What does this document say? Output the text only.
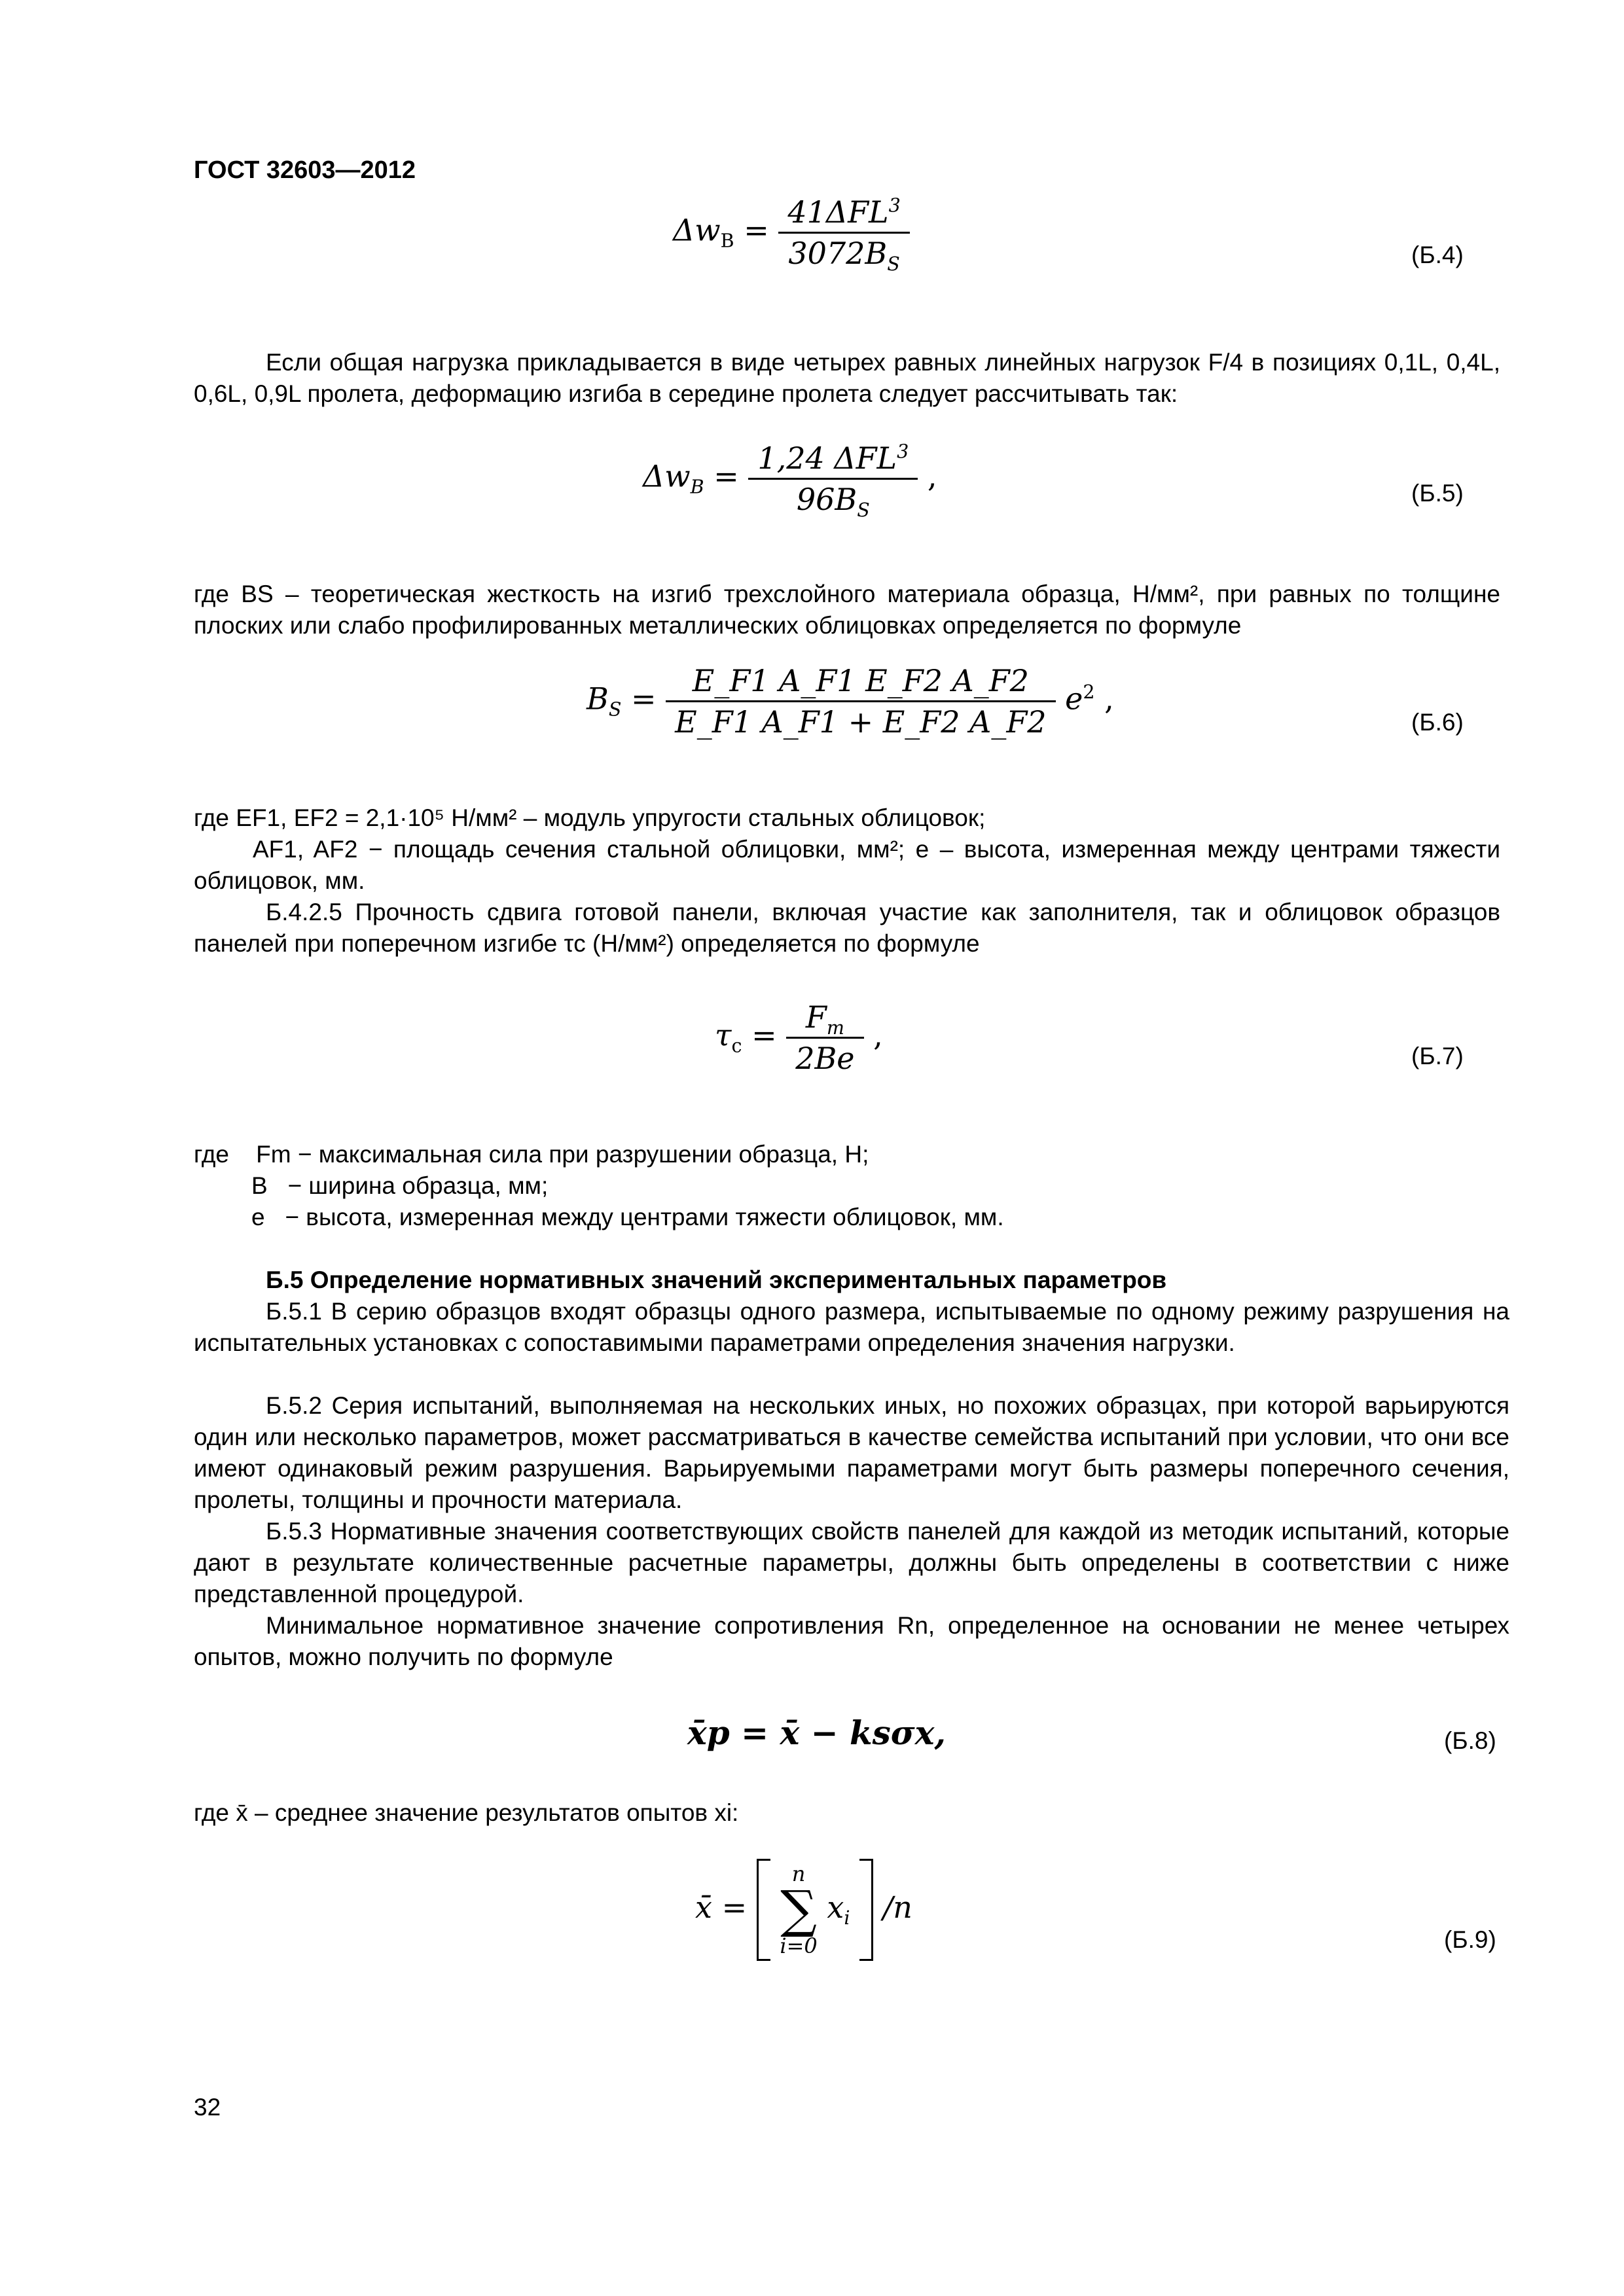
ГОСТ 32603—2012
$\Delta w_B = \frac{41\Delta FL^3}{3072B_S}$	(Б.4)
Если общая нагрузка прикладывается в виде четырех равных линейных нагрузок F/4 в позициях 0,1L, 0,4L, 0,6L, 0,9L пролета, деформацию изгиба в середине пролета следует рассчитывать так:
$\Delta w_B = \frac{1,24 \Delta FL^3}{96B_S}$ ,	(Б.5)
где BS – теоретическая жесткость на изгиб трехслойного материала образца, Н/мм², при равных по толщине плоских или слабо профилированных металлических облицовках определяется по формуле
$B_S = \frac{E\_F1 A\_F1 E\_F2 A\_F2}{E\_F1 A\_F1 + E\_F2 A\_F2} e^2$ ,
(Б.6)
где EF1, EF2 = 2,1·10⁵ Н/мм² – модуль упругости стальных облицовок;
AF1, AF2 − площадь сечения стальной облицовки, мм²; e – высота, измеренная между центрами тяжести облицовок, мм.
Б.4.2.5 Прочность сдвига готовой панели, включая участие как заполнителя, так и облицовок образцов панелей при поперечном изгибе τc (Н/мм²) определяется по формуле
$\tau_c = \frac{F_m}{2Be}$ ,
(Б.7)
где    Fm − максимальная сила при разрушении образца, Н;
B   − ширина образца, мм;
e   − высота, измеренная между центрами тяжести облицовок, мм.
Б.5 Определение нормативных значений экспериментальных параметров
Б.5.1 В серию образцов входят образцы одного размера, испытываемые по одному режиму разрушения на испытательных установках с сопоставимыми параметрами определения значения нагрузки.
Б.5.2 Серия испытаний, выполняемая на нескольких иных, но похожих образцах, при которой варьируются один или несколько параметров, может рассматриваться в качестве семейства испытаний при условии, что они все имеют одинаковый режим разрушения. Варьируемыми параметрами могут быть размеры поперечного сечения, пролеты, толщины и прочности материала.
Б.5.3 Нормативные значения соответствующих свойств панелей для каждой из методик испытаний, которые дают в результате количественные расчетные параметры, должны быть определены в соответствии с ниже представленной процедурой.
Минимальное нормативное значение сопротивления Rn, определенное на основании не менее четырех опытов, можно получить по формуле
x̄p = x̄ − ksσx,	(Б.8)
где x̄ – среднее значение результатов опытов xi:
x̄ =
n
∑
i=0
$x_i$ /n
(Б.9)
32
